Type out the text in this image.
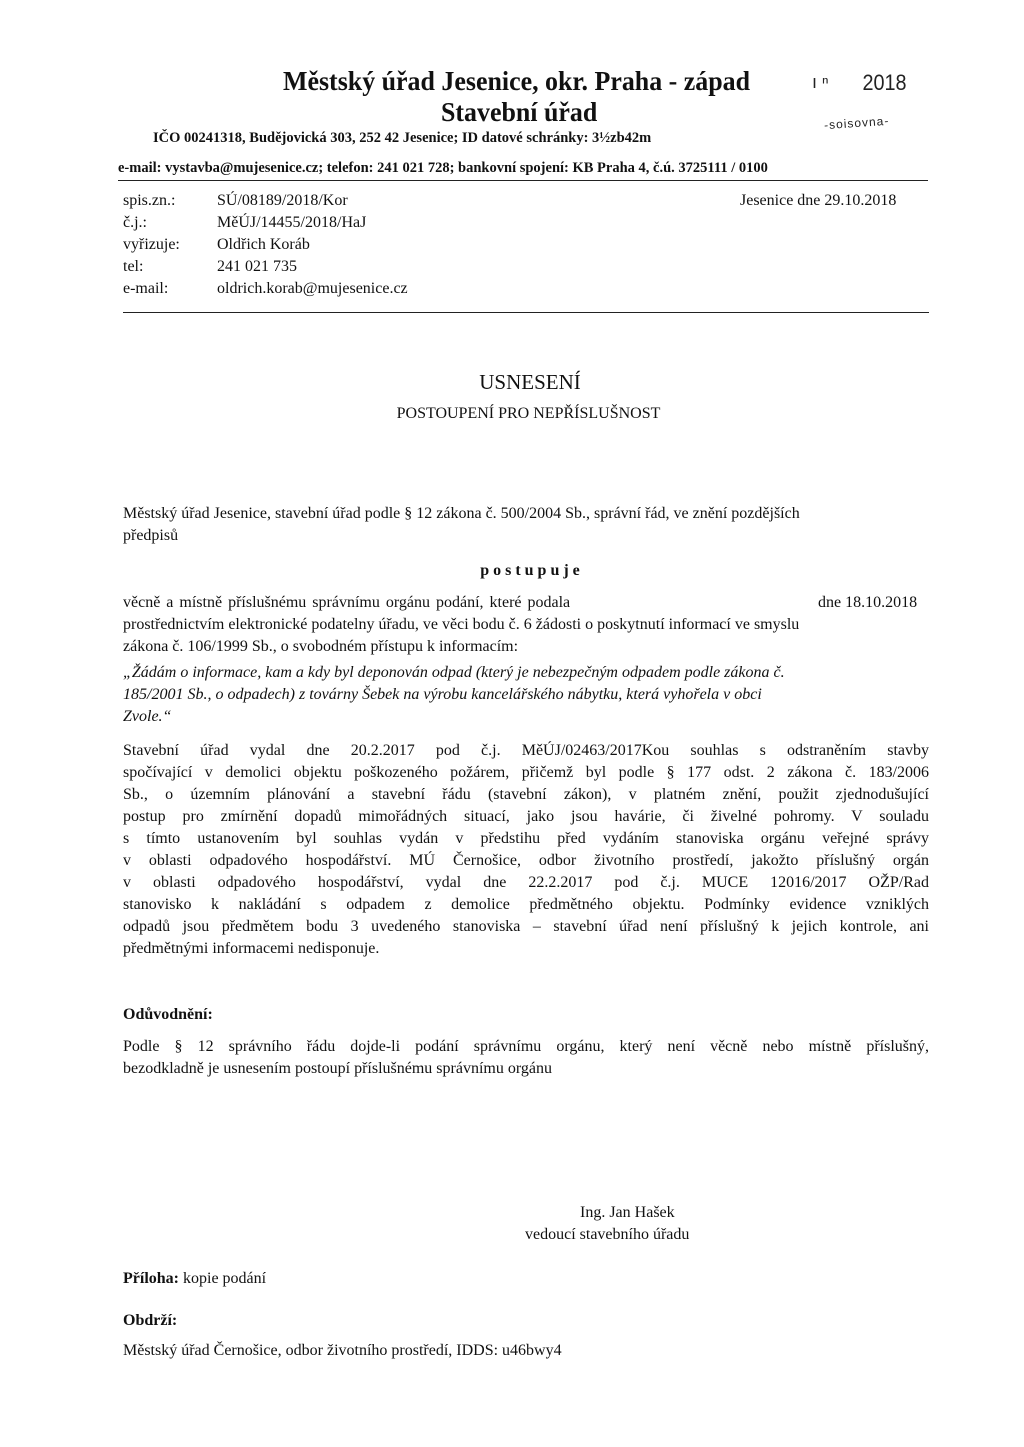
Městský úřad Jesenice, okr. Praha - západ
Stavební úřad
ı ⁿ 2018
-soisovna-
IČO 00241318, Budějovická 303, 252 42 Jesenice; ID datové schránky: 3½zb42m
e-mail: vystavba@mujesenice.cz; telefon: 241 021 728; bankovní spojení: KB Praha 4, č.ú. 3725111 / 0100
spis.zn.:	SÚ/08189/2018/Kor	Jesenice dne 29.10.2018
č.j.:	MěÚJ/14455/2018/HaJ
vyřizuje: Oldřich Koráb
tel:	241 021 735
e-mail:	oldrich.korab@mujesenice.cz
USNESENÍ
POSTOUPENÍ PRO NEPŘÍSLUŠNOST

Městský úřad Jesenice, stavební úřad podle § 12 zákona č. 500/2004 Sb., správní řád, ve znění pozdějších

předpisů

p o s t u p u j e
věcně a místně příslušnému správnímu orgánu podání, které podala	dne 18.10.2018

prostřednictvím elektronické podatelny úřadu, ve věci bodu č. 6 žádosti o poskytnutí informací ve smyslu

zákona č. 106/1999 Sb., o svobodném přístupu k informacím:

„Žádám o informace, kam a kdy byl deponován odpad (který je nebezpečným odpadem podle zákona č.

185/2001 Sb., o odpadech) z továrny Šebek na výrobu kancelářského nábytku, která vyhořela v obci

Zvole.“

Stavební úřad vydal dne 20.2.2017 pod č.j. MěÚJ/02463/2017Kou souhlas s odstraněním stavby

spočívající v demolici objektu poškozeného požárem, přičemž byl podle § 177 odst. 2 zákona č. 183/2006

Sb., o územním plánování a stavební řádu (stavební zákon), v platném znění, použit zjednodušující

postup pro zmírnění dopadů mimořádných situací, jako jsou havárie, či živelné pohromy. V souladu

s tímto ustanovením byl souhlas vydán v předstihu před vydáním stanoviska orgánu veřejné správy

v oblasti odpadového hospodářství. MÚ Černošice, odbor životního prostředí, jakožto příslušný orgán

v oblasti odpadového hospodářství, vydal dne 22.2.2017 pod č.j. MUCE 12016/2017 OŽP/Rad

stanovisko k nakládání s odpadem z demolice předmětného objektu. Podmínky evidence vzniklých

odpadů jsou předmětem bodu 3 uvedeného stanoviska – stavební úřad není příslušný k jejich kontrole, ani

předmětnými informacemi nedisponuje.
Odůvodnění:

Podle § 12 správního řádu dojde-li podání správnímu orgánu, který není věcně nebo místně příslušný,

bezodkladně je usnesením postoupí příslušnému správnímu orgánu

Ing. Jan Hašek
vedoucí stavebního úřadu
Příloha: kopie podání
Obdrží:
Městský úřad Černošice, odbor životního prostředí, IDDS: u46bwy4
